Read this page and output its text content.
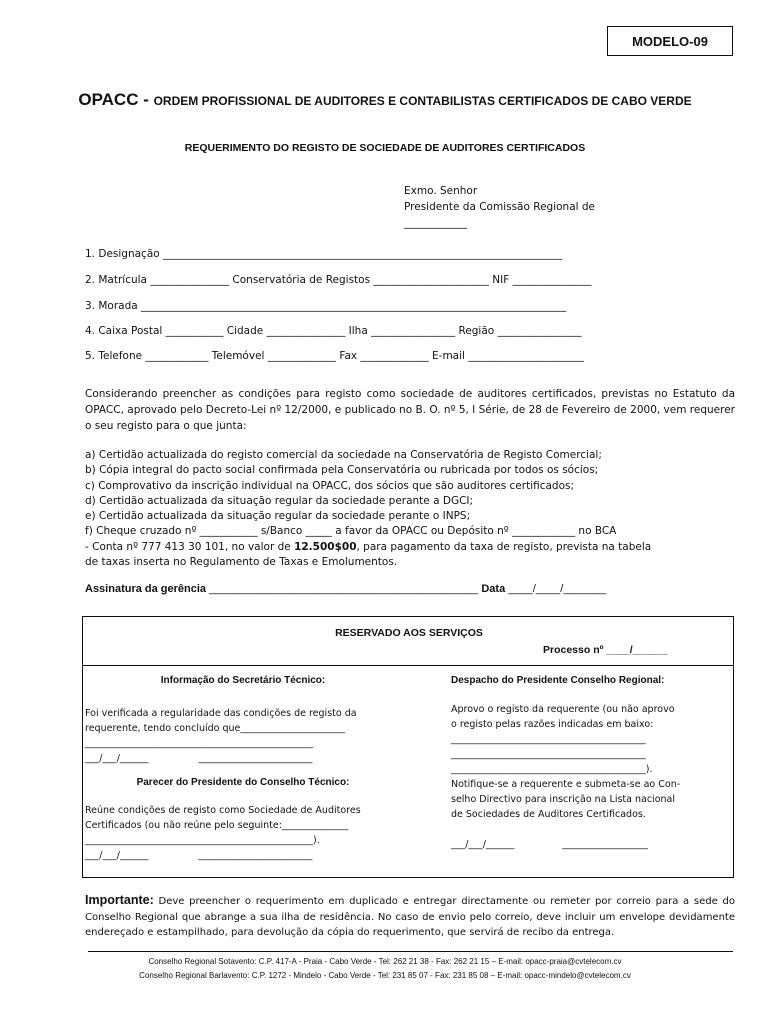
MODELO-09
OPACC - ORDEM PROFISSIONAL DE AUDITORES E CONTABILISTAS CERTIFICADOS DE CABO VERDE
REQUERIMENTO DO REGISTO DE SOCIEDADE DE AUDITORES CERTIFICADOS
Exmo. Senhor
Presidente da Comissão Regional de
____________
1. Designação ____________________________________________________________________________
2. Matrícula _______________ Conservatória de Registos ______________________ NIF _______________
3. Morada _________________________________________________________________________________
4. Caixa Postal ___________ Cidade _______________ Ilha ________________ Região ________________
5. Telefone ____________ Telemóvel _____________ Fax _____________ E-mail ______________________
Considerando preencher as condições para registo como sociedade de auditores certificados, previstas no Estatuto da OPACC, aprovado pelo Decreto-Lei nº 12/2000, e publicado no B. O. nº 5, I Série, de 28 de Fevereiro de 2000, vem requerer o seu registo para o que junta:
a) Certidão actualizada do registo comercial da sociedade na Conservatória de Registo Comercial;
b) Cópia integral do pacto social confirmada pela Conservatória ou rubricada por todos os sócios;
c) Comprovativo da inscrição individual na OPACC, dos sócios que são auditores certificados;
d) Certidão actualizada da situação regular da sociedade perante a DGCI;
e) Certidão actualizada da situação regular da sociedade perante o INPS;
f) Cheque cruzado nº ___________ s/Banco _____ a favor da OPACC ou Depósito nº ____________ no BCA
- Conta nº 777 413 30 101, no valor de 12.500$00, para pagamento da taxa de registo, prevista na tabela
de taxas inserta no Regulamento de Taxas e Emolumentos.
Assinatura da gerência ____________________________________________ Data ____/____/_______
RESERVADO AOS SERVIÇOS
Processo nº ____/______
Informação do Secretário Técnico:
Foi verificada a regularidade das condições de registo da
requerente, tendo concluído que______________________
________________________________________________
___/___/______	________________________
Parecer do Presidente do Conselho Técnico:
Reúne condições de registo como Sociedade de Auditores
Certificados (ou não reúne pelo seguinte:______________
________________________________________________).
___/___/______	________________________
Despacho do Presidente Conselho Regional:
Aprovo o registo da requerente (ou não aprovo
o registo pelas razões indicadas em baixo:
_________________________________________
_________________________________________
_________________________________________).
Notifique-se a requerente e submeta-se ao Con-
selho Directivo para inscrição na Lista nacional
de Sociedades de Auditores Certificados.
___/___/______	__________________
Importante: Deve preencher o requerimento em duplicado e entregar directamente ou remeter por correio para a sede do Conselho Regional que abrange a sua ilha de residência. No caso de envio pelo correio, deve incluir um envelope devidamente endereçado e estampilhado, para devolução da cópia do requerimento, que servirá de recibo da entrega.
Conselho Regional Sotavento: C.P. 417-A - Praia - Cabo Verde - Tel: 262 21 38 - Fax: 262 21 15 – E-mail: opacc-praia@cvtelecom.cv
Conselho Regional Barlavento: C.P. 1272 - Mindelo - Cabo Verde - Tel: 231 85 07 - Fax: 231 85 08 – E-mail: opacc-mindelo@cvtelecom.cv
